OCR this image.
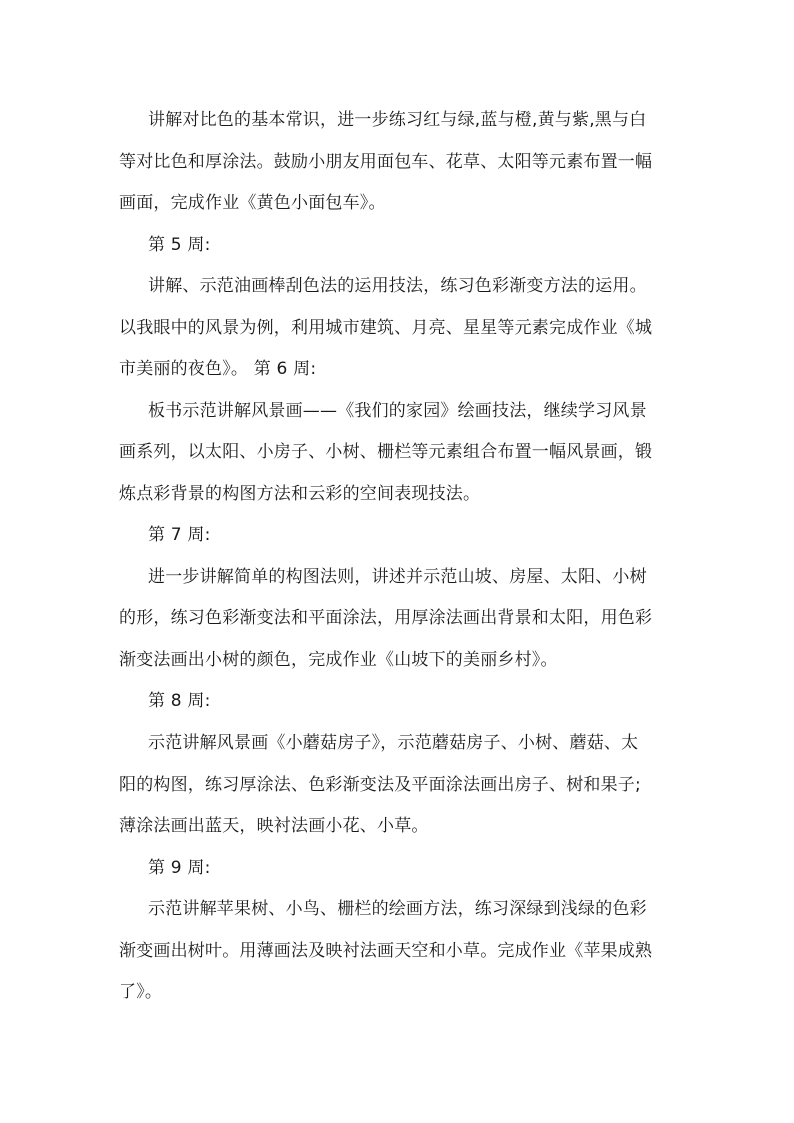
讲解对比色的基本常识，进一步练习红与绿,蓝与橙,黄与紫,黑与白
等对比色和厚涂法。鼓励小朋友用面包车、花草、太阳等元素布置一幅
画面，完成作业《黄色小面包车》。
第 5 周:
讲解、示范油画棒刮色法的运用技法，练习色彩渐变方法的运用。
以我眼中的风景为例，利用城市建筑、月亮、星星等元素完成作业《城
市美丽的夜色》。 第 6 周:
板书示范讲解风景画——《我们的家园》绘画技法，继续学习风景
画系列，以太阳、小房子、小树、栅栏等元素组合布置一幅风景画，锻
炼点彩背景的构图方法和云彩的空间表现技法。
第 7 周:
进一步讲解简单的构图法则，讲述并示范山坡、房屋、太阳、小树
的形，练习色彩渐变法和平面涂法，用厚涂法画出背景和太阳，用色彩
渐变法画出小树的颜色，完成作业《山坡下的美丽乡村》。
第 8 周:
示范讲解风景画《小蘑菇房子》，示范蘑菇房子、小树、蘑菇、太
阳的构图，练习厚涂法、色彩渐变法及平面涂法画出房子、树和果子;
薄涂法画出蓝天，映衬法画小花、小草。
第 9 周:
示范讲解苹果树、小鸟、栅栏的绘画方法，练习深绿到浅绿的色彩
渐变画出树叶。用薄画法及映衬法画天空和小草。完成作业《苹果成熟
了》。
